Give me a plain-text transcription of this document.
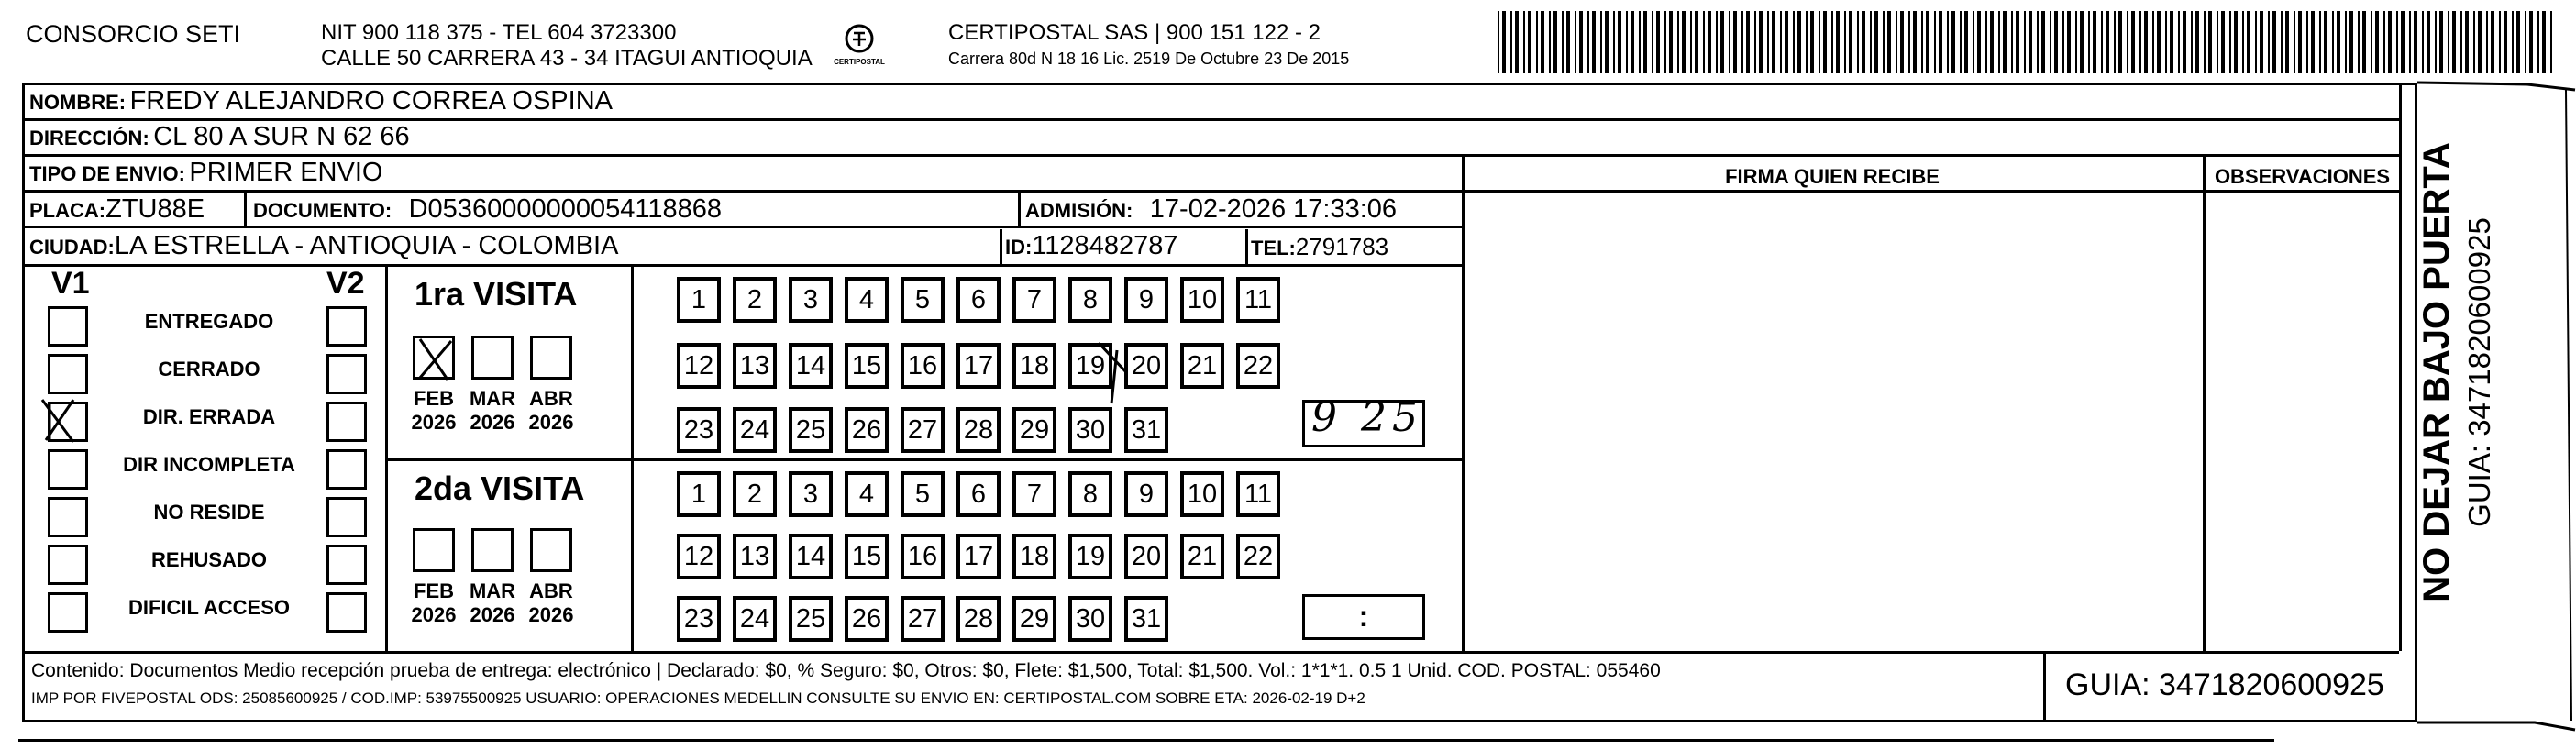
CONSORCIO SETI	NIT 900 118 375 - TEL 604 3723300
CALLE 50 CARRERA 43 - 34 ITAGUI ANTIOQUIA	CERTIPOSTAL
CERTIPOSTAL SAS | 900 151 122 - 2
Carrera 80d N 18 16 Lic. 2519 De Octubre 23 De 2015
NOMBRE: FREDY ALEJANDRO CORREA OSPINA
DIRECCIÓN: CL 80 A SUR N 62 66
TIPO DE ENVIO: PRIMER ENVIO	FIRMA QUIEN RECIBE	OBSERVACIONES
PLACA:ZTU88E DOCUMENTO: D05360000000054118868	ADMISIÓN: 17-02-2026 17:33:06
CIUDAD:LA ESTRELLA - ANTIOQUIA - COLOMBIA	ID:1128482787	TEL:2791783
V1	V2
ENTREGADO
CERRADO
DIR. ERRADA
DIR INCOMPLETA
NO RESIDE
REHUSADO
DIFICIL ACCESO
1ra VISITA
2da VISITA
FEB
2026
MAR
2026
ABR
2026
FEB
2026
MAR
2026
ABR
2026
1	2	3	4	5	6	7	8	9	10	11
12 13 14 15 16 17 18 19 20 21 22
23 24 25 26 27 28 29 30 31
1	2	3	4	5	6	7	8	9	10	11
12 13 14 15 16 17 18 19 20 21 22
23 24 25 26 27 28 29 30 31
9 25
:
Contenido: Documentos Medio recepción prueba de entrega: electrónico | Declarado: $0, % Seguro: $0, Otros: $0, Flete: $1,500, Total: $1,500. Vol.: 1*1*1. 0.5 1 Unid. COD. POSTAL: 055460
IMP POR FIVEPOSTAL ODS: 25085600925 / COD.IMP: 53975500925 USUARIO: OPERACIONES MEDELLIN CONSULTE SU ENVIO EN: CERTIPOSTAL.COM SOBRE ETA: 2026-02-19 D+2	GUIA: 3471820600925
NO DEJAR BAJO PUERTA GUIA: 3471820600925
